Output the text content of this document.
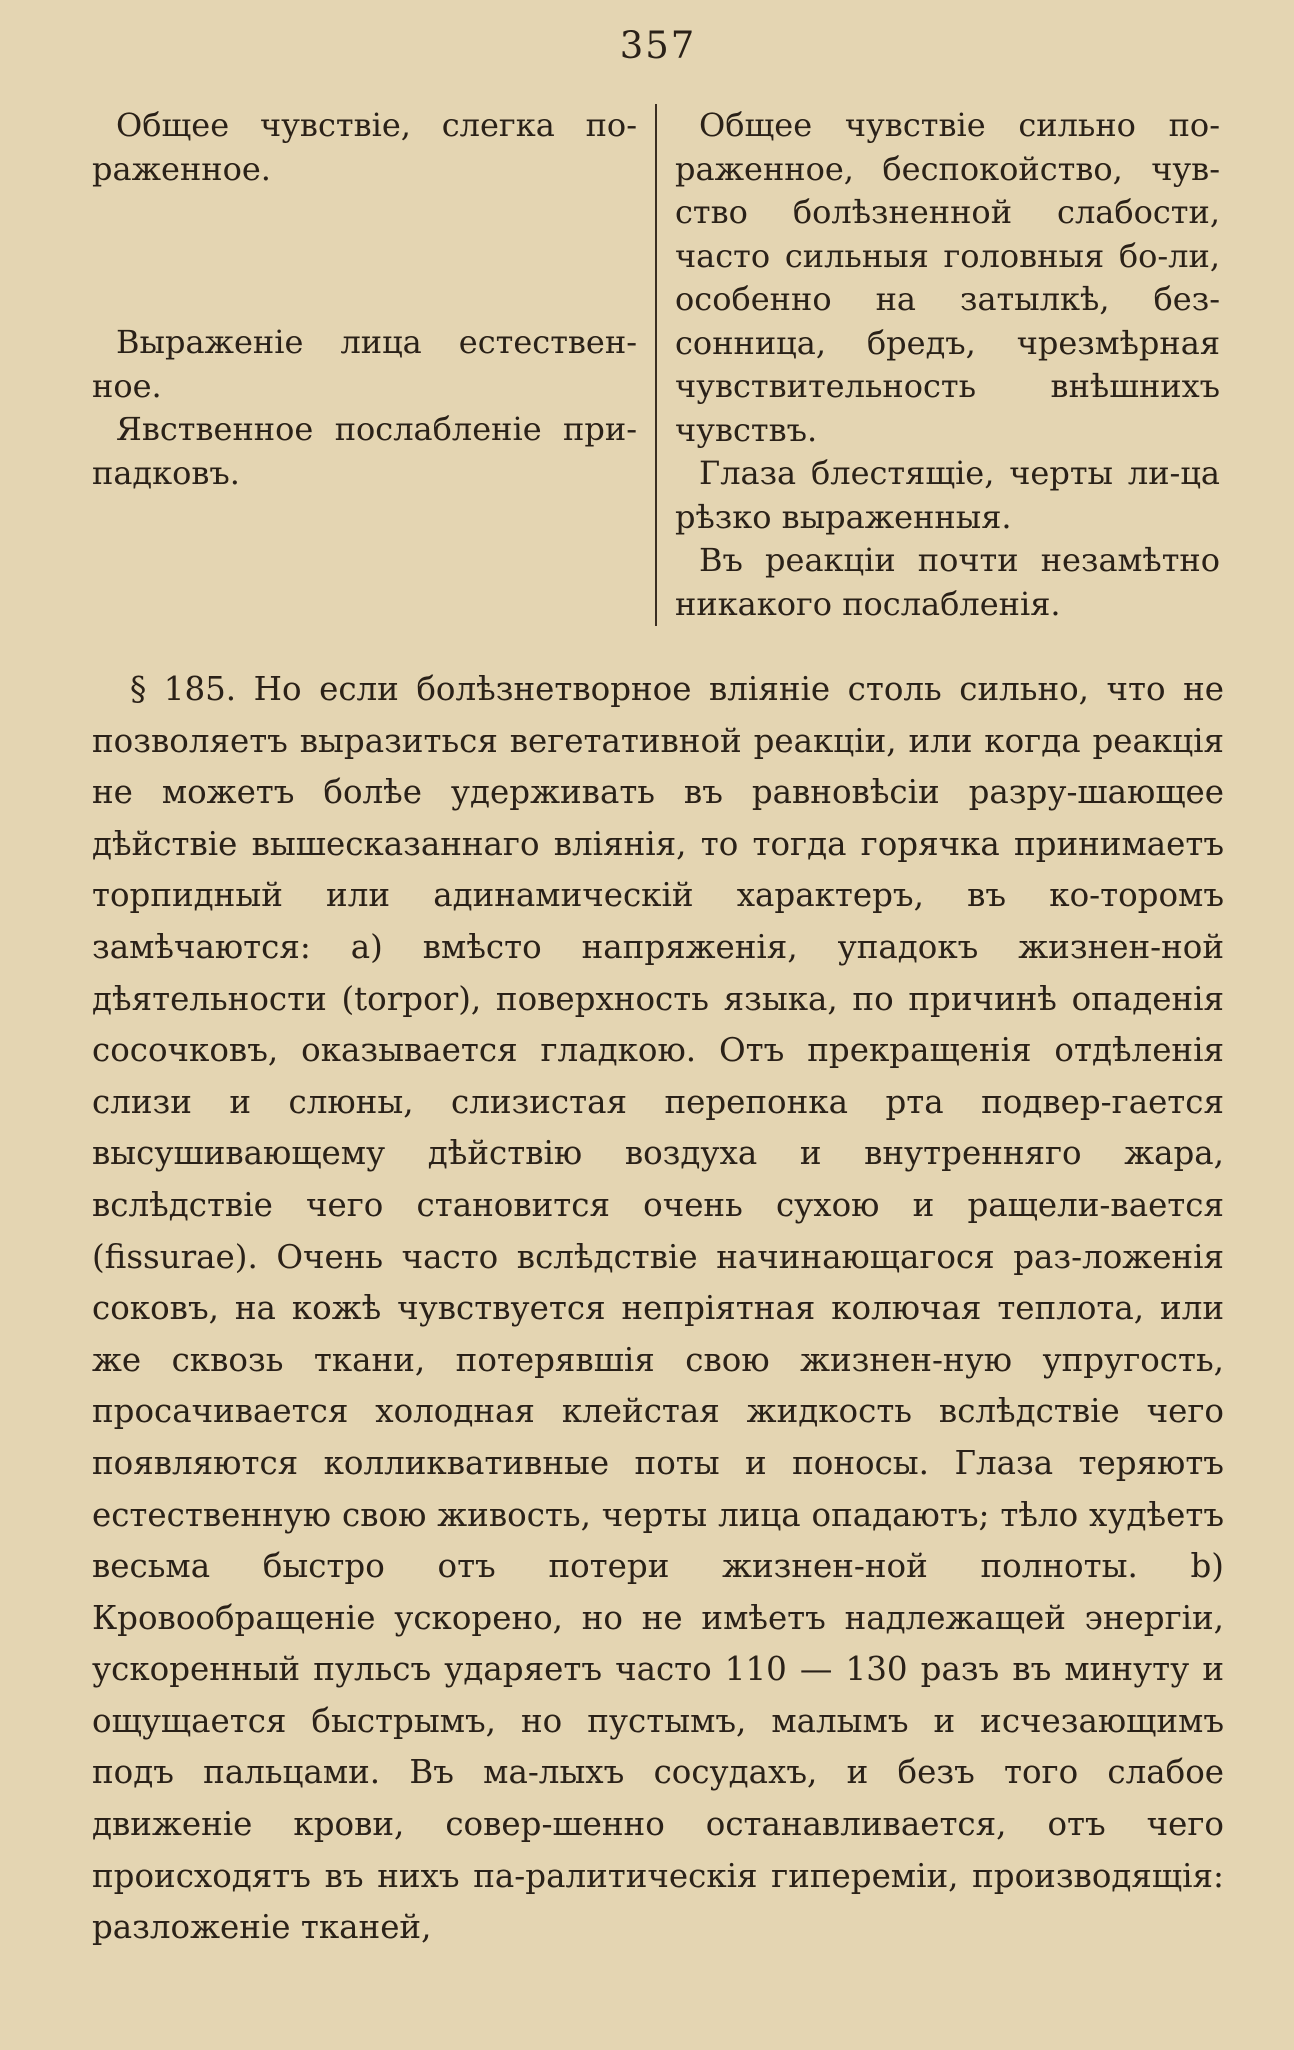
357

Общее чувствіе, слегка по-раженное.

Выраженіе лица естествен-ное.

Явственное послабленіе при-падковъ.

Общее чувствіе сильно по-раженное, беспокойство, чув-ство болѣзненной слабости, часто сильныя головныя бо-ли, особенно на затылкѣ, без-сонница, бредъ, чрезмѣрная чувствительность внѣшнихъ чувствъ.

Глаза блестящіе, черты ли-ца рѣзко выраженныя.

Въ реакціи почти незамѣтно никакого послабленія.

§ 185. Но если болѣзнетворное вліяніе столь сильно, что не позволяетъ выразиться вегетативной реакціи, или когда реакція не можетъ болѣе удерживать въ равновѣсіи разру-шающее дѣйствіе вышесказаннаго вліянія, то тогда горячка принимаетъ торпидный или адинамическій характеръ, въ ко-торомъ замѣчаются: а) вмѣсто напряженія, упадокъ жизнен-ной дѣятельности (torpor), поверхность языка, по причинѣ опаденія сосочковъ, оказывается гладкою. Отъ прекращенія отдѣленія слизи и слюны, слизистая перепонка рта подвер-гается высушивающему дѣйствію воздуха и внутренняго жара, вслѣдствіе чего становится очень сухою и ращели-вается (fissurae). Очень часто вслѣдствіе начинающагося раз-ложенія соковъ, на кожѣ чувствуется непріятная колючая теплота, или же сквозь ткани, потерявшія свою жизнен-ную упругость, просачивается холодная клейстая жидкость вслѣдствіе чего появляются колликвативные поты и поносы. Глаза теряютъ естественную свою живость, черты лица опадаютъ; тѣло худѣетъ весьма быстро отъ потери жизнен-ной полноты. b) Кровообращеніе ускорено, но не имѣетъ надлежащей энергіи, ускоренный пульсъ ударяетъ часто 110 — 130 разъ въ минуту и ощущается быстрымъ, но пустымъ, малымъ и исчезающимъ подъ пальцами. Въ ма-лыхъ сосудахъ, и безъ того слабое движеніе крови, совер-шенно останавливается, отъ чего происходятъ въ нихъ па-ралитическія гипереміи, производящія: разложеніе тканей,
